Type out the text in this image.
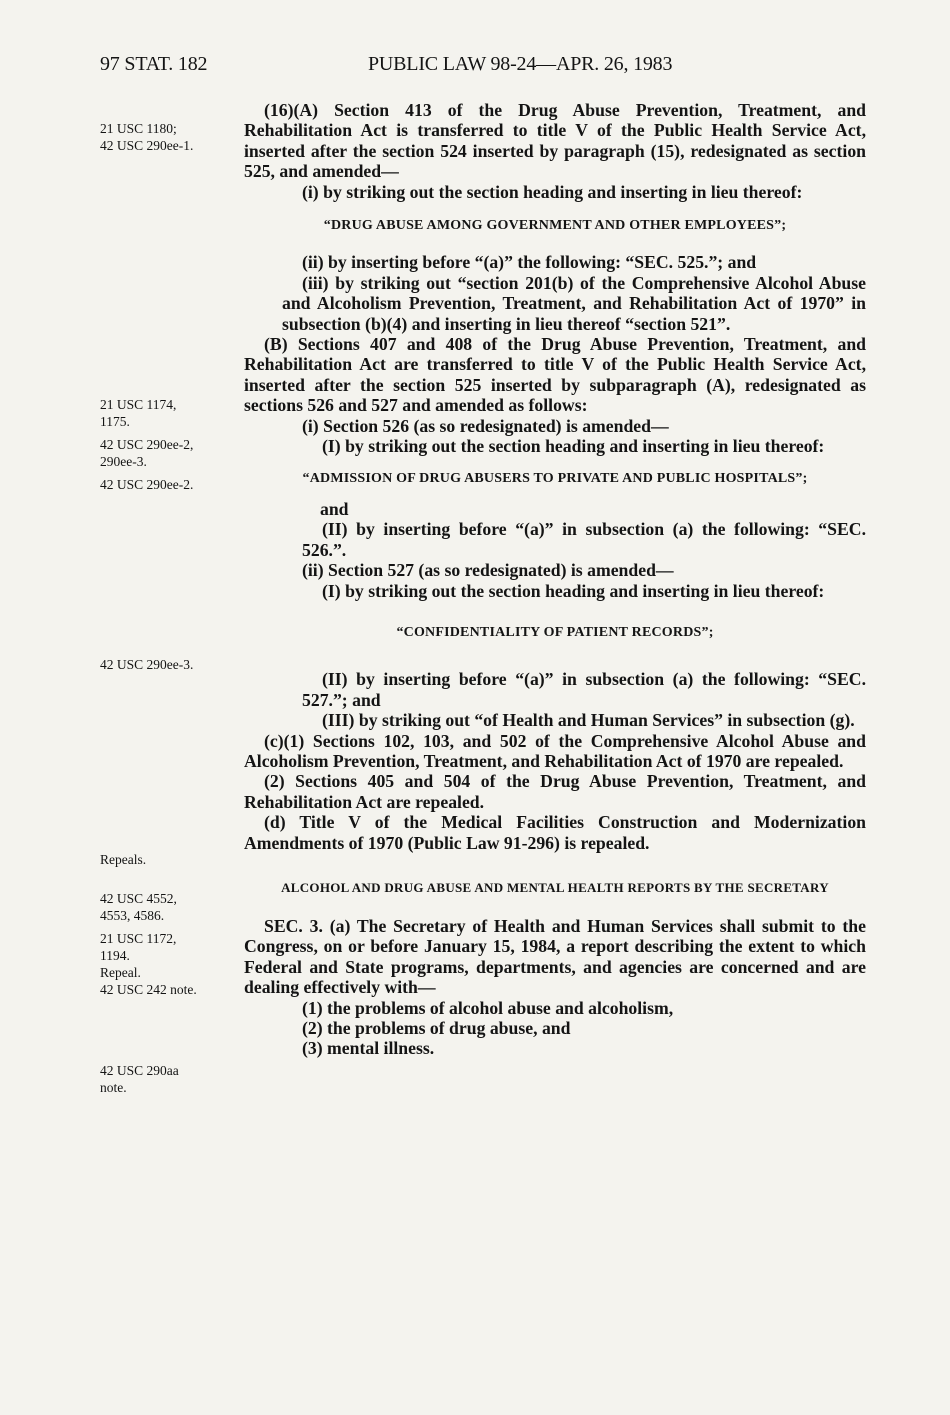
97 STAT. 182	PUBLIC LAW 98-24—APR. 26, 1983
21 USC 1180;
42 USC 290ee-1.
21 USC 1174,
1175.
42 USC 290ee-2,
290ee-3.
42 USC 290ee-2.
42 USC 290ee-3.
Repeals.
42 USC 4552,
4553, 4586.
21 USC 1172,
1194.
Repeal.
42 USC 242 note.
42 USC 290aa
note.

(16)(A) Section 413 of the Drug Abuse Prevention, Treatment, and Rehabilitation Act is transferred to title V of the Public Health Service Act, inserted after the section 524 inserted by paragraph (15), redesignated as section 525, and amended—

(i) by striking out the section heading and inserting in lieu thereof:

“DRUG ABUSE AMONG GOVERNMENT AND OTHER EMPLOYEES”;

(ii) by inserting before “(a)” the following: “SEC. 525.”; and

(iii) by striking out “section 201(b) of the Comprehensive Alcohol Abuse and Alcoholism Prevention, Treatment, and Rehabilitation Act of 1970” in subsection (b)(4) and inserting in lieu thereof “section 521”.

(B) Sections 407 and 408 of the Drug Abuse Prevention, Treatment, and Rehabilitation Act are transferred to title V of the Public Health Service Act, inserted after the section 525 inserted by subparagraph (A), redesignated as sections 526 and 527 and amended as follows:

(i) Section 526 (as so redesignated) is amended—

(I) by striking out the section heading and inserting in lieu thereof:

“ADMISSION OF DRUG ABUSERS TO PRIVATE AND PUBLIC HOSPITALS”;

and

(II) by inserting before “(a)” in subsection (a) the following: “SEC. 526.”.

(ii) Section 527 (as so redesignated) is amended—

(I) by striking out the section heading and inserting in lieu thereof:

“CONFIDENTIALITY OF PATIENT RECORDS”;

(II) by inserting before “(a)” in subsection (a) the following: “SEC. 527.”; and

(III) by striking out “of Health and Human Services” in subsection (g).

(c)(1) Sections 102, 103, and 502 of the Comprehensive Alcohol Abuse and Alcoholism Prevention, Treatment, and Rehabilitation Act of 1970 are repealed.

(2) Sections 405 and 504 of the Drug Abuse Prevention, Treatment, and Rehabilitation Act are repealed.

(d) Title V of the Medical Facilities Construction and Modernization Amendments of 1970 (Public Law 91-296) is repealed.

ALCOHOL AND DRUG ABUSE AND MENTAL HEALTH REPORTS BY THE SECRETARY

SEC. 3. (a) The Secretary of Health and Human Services shall submit to the Congress, on or before January 15, 1984, a report describing the extent to which Federal and State programs, departments, and agencies are concerned and are dealing effectively with—

(1) the problems of alcohol abuse and alcoholism,

(2) the problems of drug abuse, and

(3) mental illness.
